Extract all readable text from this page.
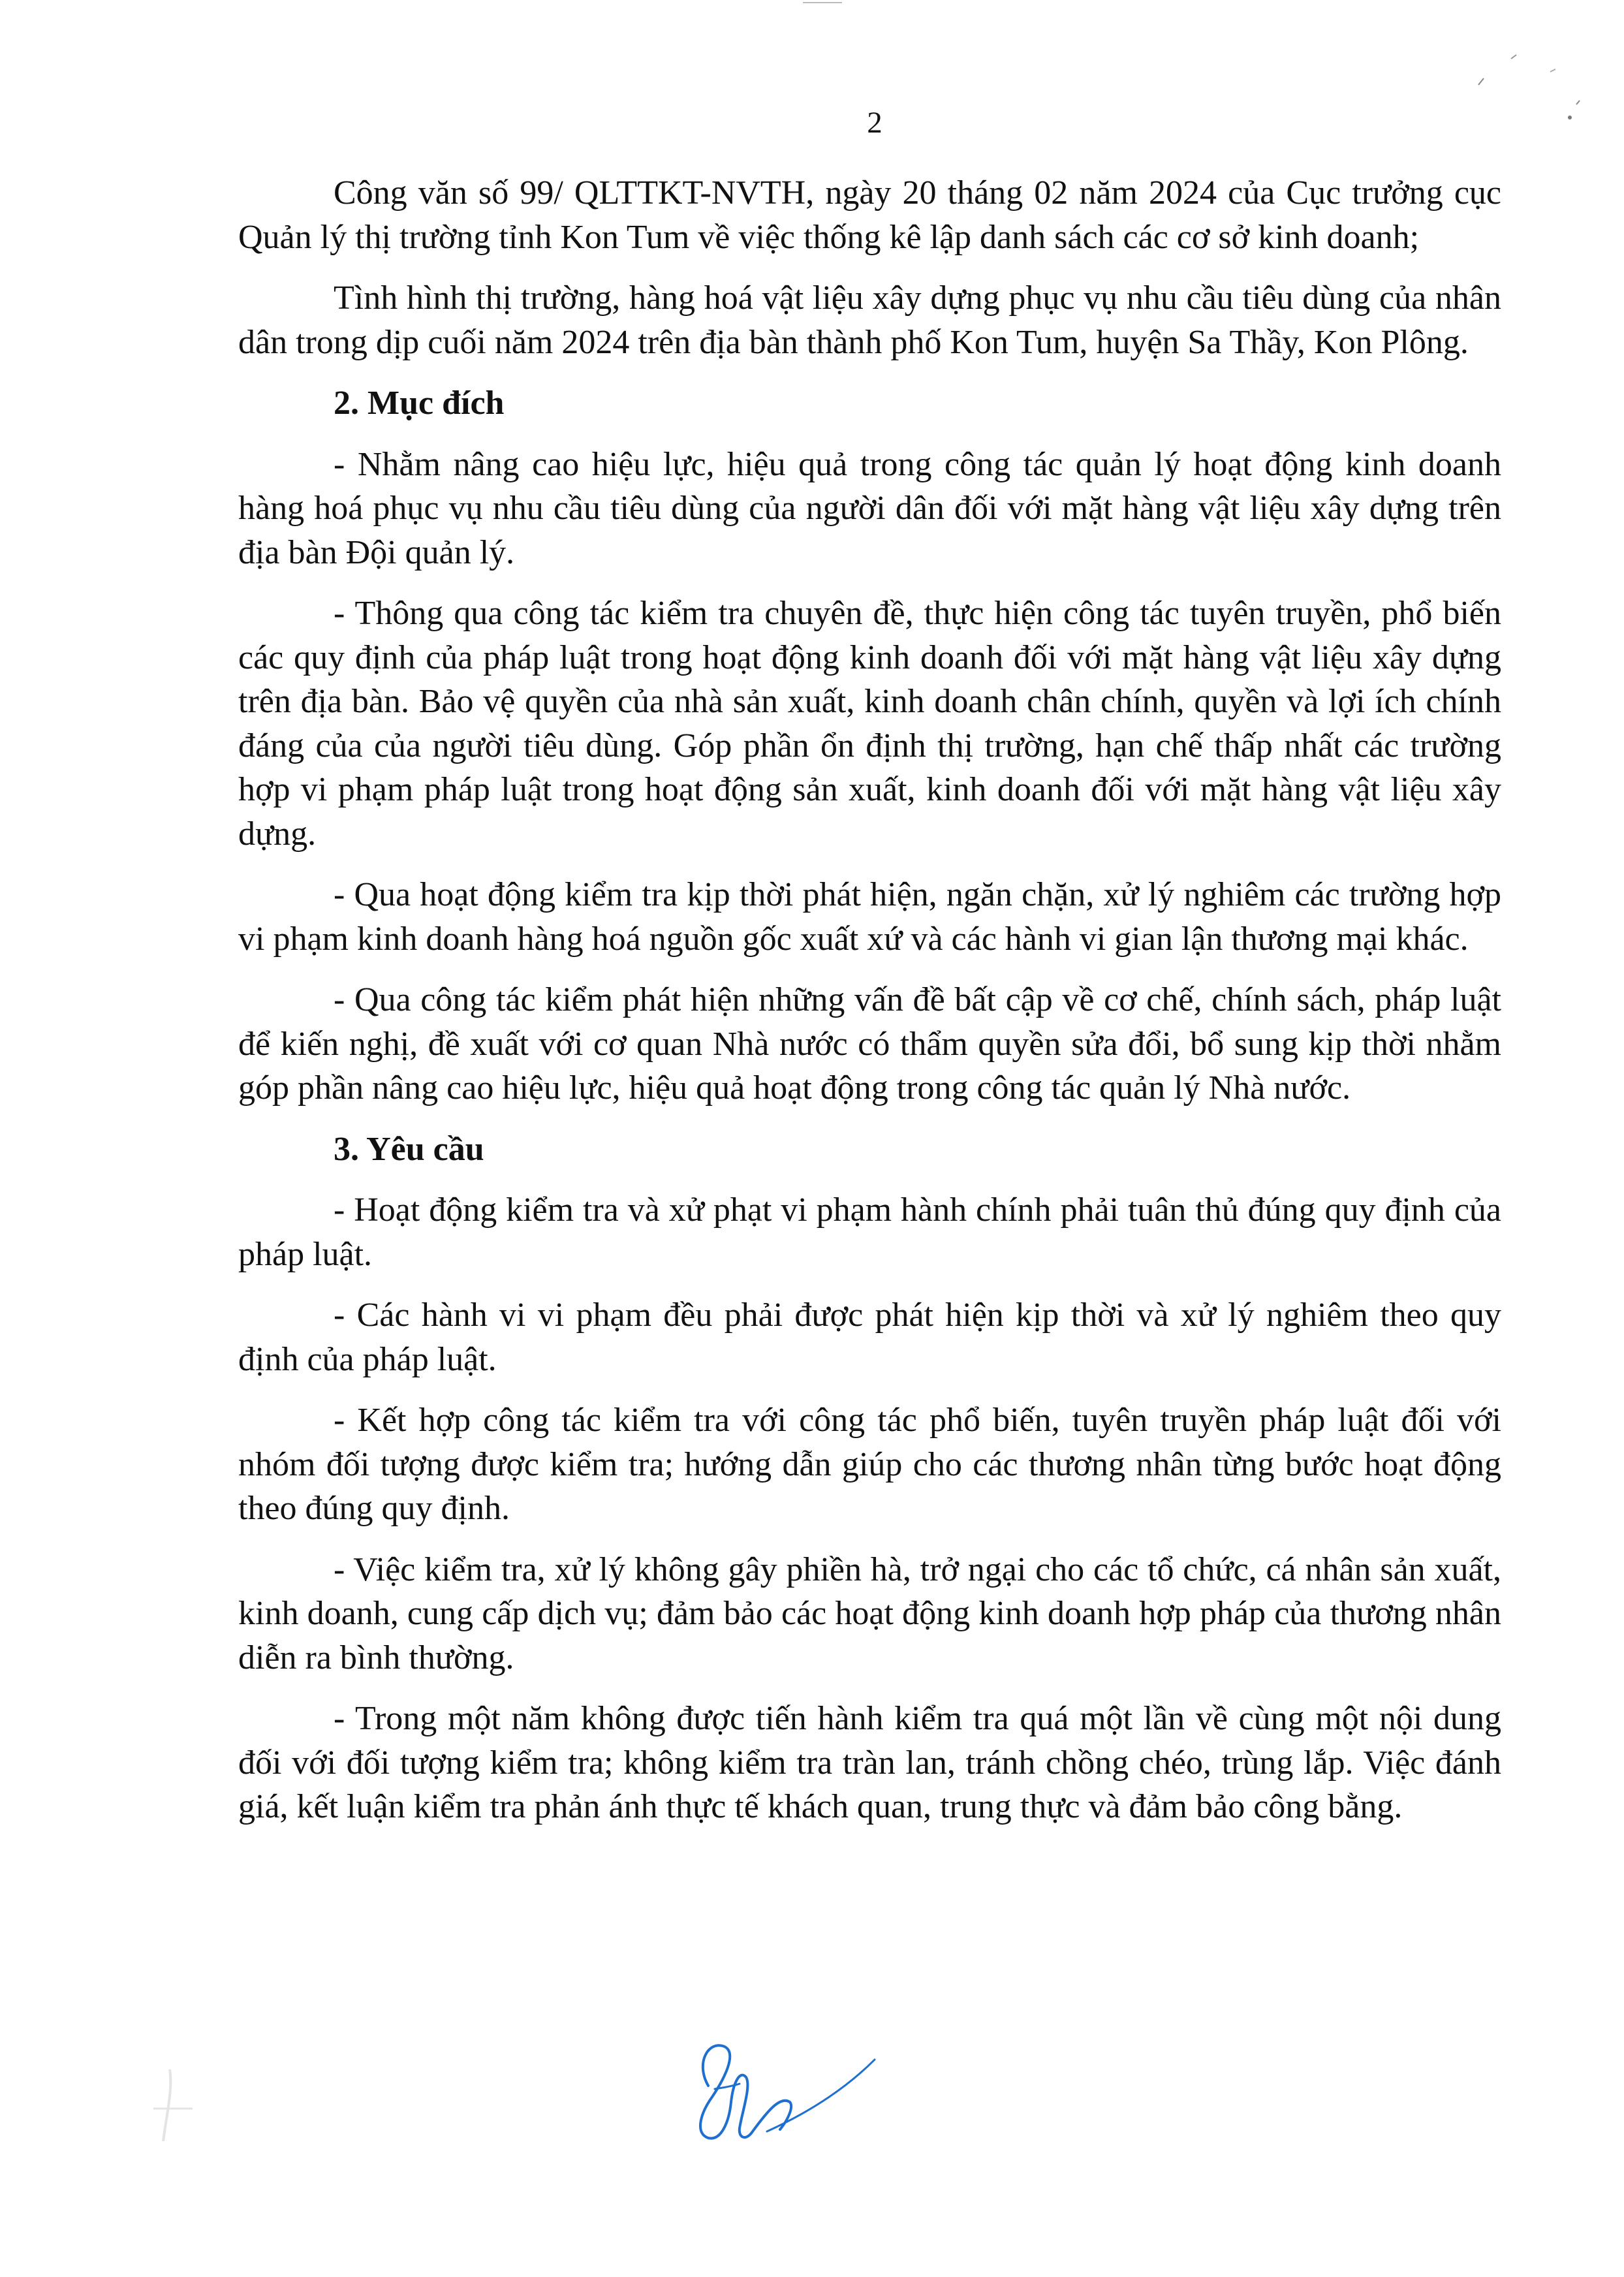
2

Công văn số 99/ QLTTKT-NVTH, ngày 20 tháng 02 năm 2024 của Cục trưởng cục Quản lý thị trường tỉnh Kon Tum về việc thống kê lập danh sách các cơ sở kinh doanh;

Tình hình thị trường, hàng hoá vật liệu xây dựng phục vụ nhu cầu tiêu dùng của nhân dân trong dịp cuối năm 2024 trên địa bàn thành phố Kon Tum, huyện Sa Thầy, Kon Plông.

2. Mục đích

- Nhằm nâng cao hiệu lực, hiệu quả trong công tác quản lý hoạt động kinh doanh hàng hoá phục vụ nhu cầu tiêu dùng của người dân đối với mặt hàng vật liệu xây dựng trên địa bàn Đội quản lý.

- Thông qua công tác kiểm tra chuyên đề, thực hiện công tác tuyên truyền, phổ biến các quy định của pháp luật trong hoạt động kinh doanh đối với mặt hàng vật liệu xây dựng trên địa bàn. Bảo vệ quyền của nhà sản xuất, kinh doanh chân chính, quyền và lợi ích chính đáng của của người tiêu dùng. Góp phần ổn định thị trường, hạn chế thấp nhất các trường hợp vi phạm pháp luật trong hoạt động sản xuất, kinh doanh đối với mặt hàng vật liệu xây dựng.

- Qua hoạt động kiểm tra kịp thời phát hiện, ngăn chặn, xử lý nghiêm các trường hợp vi phạm kinh doanh hàng hoá nguồn gốc xuất xứ và các hành vi gian lận thương mại khác.

- Qua công tác kiểm phát hiện những vấn đề bất cập về cơ chế, chính sách, pháp luật để kiến nghị, đề xuất với cơ quan Nhà nước có thẩm quyền sửa đổi, bổ sung kịp thời nhằm góp phần nâng cao hiệu lực, hiệu quả hoạt động trong công tác quản lý Nhà nước.

3. Yêu cầu

- Hoạt động kiểm tra và xử phạt vi phạm hành chính phải tuân thủ đúng quy định của pháp luật.

- Các hành vi vi phạm đều phải được phát hiện kịp thời và xử lý nghiêm theo quy định của pháp luật.

- Kết hợp công tác kiểm tra với công tác phổ biến, tuyên truyền pháp luật đối với nhóm đối tượng được kiểm tra; hướng dẫn giúp cho các thương nhân từng bước hoạt động theo đúng quy định.

- Việc kiểm tra, xử lý không gây phiền hà, trở ngại cho các tổ chức, cá nhân sản xuất, kinh doanh, cung cấp dịch vụ; đảm bảo các hoạt động kinh doanh hợp pháp của thương nhân diễn ra bình thường.

- Trong một năm không được tiến hành kiểm tra quá một lần về cùng một nội dung đối với đối tượng kiểm tra; không kiểm tra tràn lan, tránh chồng chéo, trùng lắp. Việc đánh giá, kết luận kiểm tra phản ánh thực tế khách quan, trung thực và đảm bảo công bằng.
